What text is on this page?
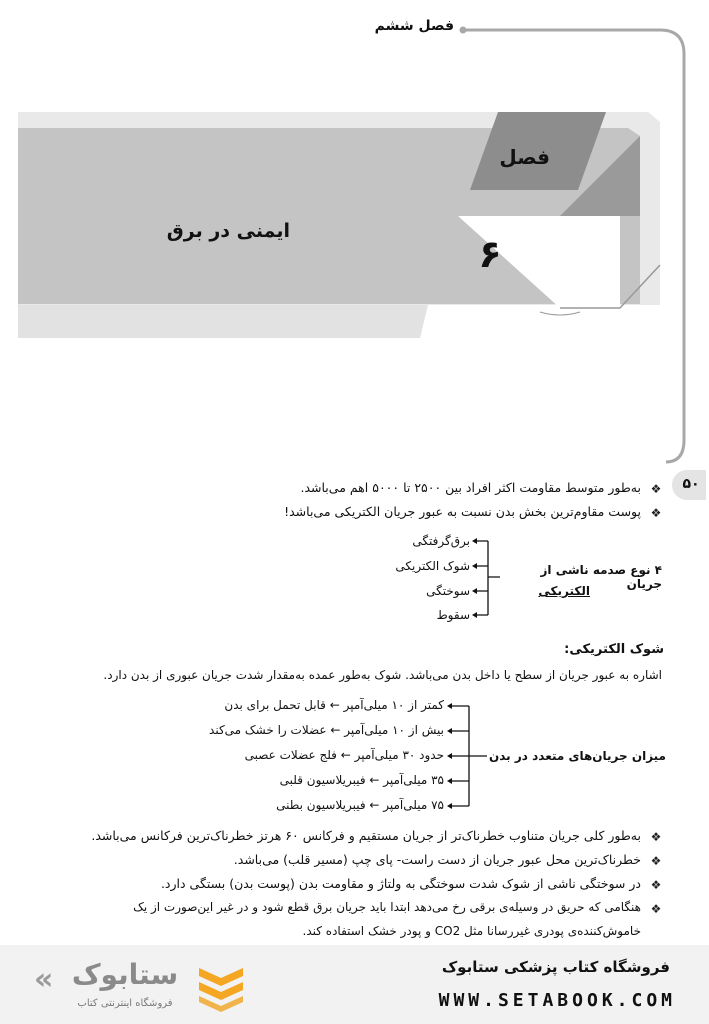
فصل ششم
۵۰
فصل
۶
ایمنی در برق
❖
به‌طور متوسط مقاومت اکثر افراد بین ۲۵۰۰ تا ۵۰۰۰ اهم می‌باشد.
❖
پوست مقاوم‌ترین بخش بدن نسبت به عبور جریان الکتریکی می‌باشد!
برق‌گرفتگی
شوک الکتریکی
سوختگی
سقوط
۴ نوع صدمه ناشی از جریان
الکتریکی
شوک الکتریکی:
اشاره به عبور جریان از سطح یا داخل بدن می‌باشد. شوک به‌طور عمده به‌مقدار شدت جریان عبوری از بدن دارد.
کمتر از ۱۰ میلی‌آمپر ← قابل تحمل برای بدن
بیش از ۱۰ میلی‌آمپر ← عضلات را خشک می‌کند
حدود ۳۰ میلی‌آمپر ← فلج عضلات عصبی
۳۵ میلی‌آمپر ← فیبریلاسیون قلبی
۷۵ میلی‌آمپر ← فیبریلاسیون بطنی
میزان جریان‌های متعدد در بدن
❖
به‌طور کلی جریان متناوب خطرناک‌تر از جریان مستقیم و فرکانس ۶۰ هرتز خطرناک‌ترین فرکانس می‌باشد.
❖
خطرناک‌ترین محل عبور جریان از دست راست- پای چپ (مسیر قلب) می‌باشد.
❖
در سوختگی ناشی از شوک شدت سوختگی به ولتاژ و مقاومت بدن (پوست بدن) بستگی دارد.
❖
هنگامی که حریق در وسیله‌ی برقی رخ می‌دهد ابتدا باید جریان برق قطع شود و در غیر این‌صورت از یک
خاموش‌کننده‌ی پودری غیررسانا مثل CO2 و پودر خشک استفاده کند.
ستابوک
فروشگاه اینترنتی کتاب
«	فروشگاه کتاب پزشکی ستابوک
WWW.SETABOOK.COM
